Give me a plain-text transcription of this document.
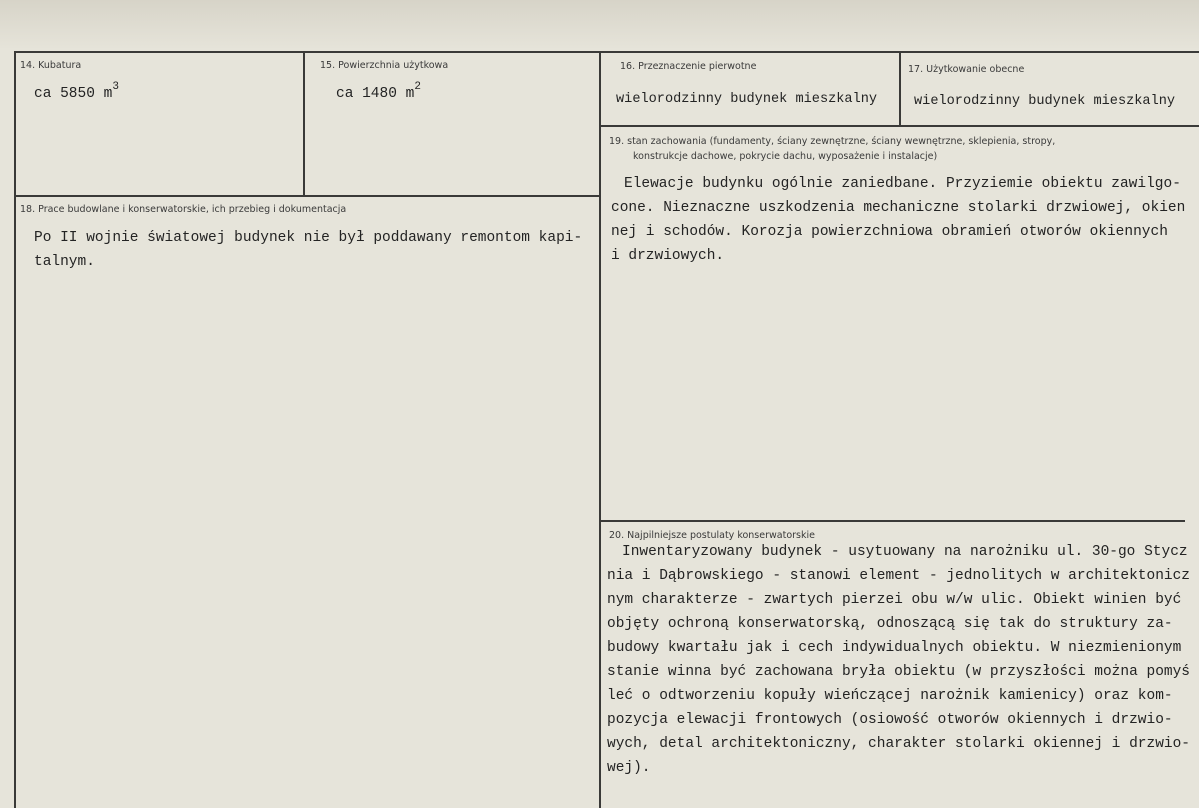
14. Kubatura
ca 5850 $m^3$
15. Powierzchnia użytkowa
ca 1480 $m^2$
16. Przeznaczenie pierwotne
wielorodzinny budynek mieszkalny
17. Użytkowanie obecne
wielorodzinny budynek mieszkalny
19. stan zachowania (fundamenty, ściany zewnętrzne, ściany wewnętrzne, sklepienia, stropy,
konstrukcje dachowe, pokrycie dachu, wyposażenie i instalacje)
Elewacje budynku ogólnie zaniedbane. Przyziemie obiektu zawilgo-
cone. Nieznaczne uszkodzenia mechaniczne stolarki drzwiowej, okien
nej i schodów. Korozja powierzchniowa obramień otworów okiennych
i drzwiowych.
18. Prace budowlane i konserwatorskie, ich przebieg i dokumentacja
Po II wojnie światowej budynek nie był poddawany remontom kapi-
talnym.
20. Najpilniejsze postulaty konserwatorskie
Inwentaryzowany budynek - usytuowany na narożniku ul. 30-go Stycz
nia i Dąbrowskiego - stanowi element - jednolitych w architektonicz
nym charakterze - zwartych pierzei obu w/w ulic. Obiekt winien być
objęty ochroną konserwatorską, odnoszącą się tak do struktury za-
budowy kwartału jak i cech indywidualnych obiektu. W niezmienionym
stanie winna być zachowana bryła obiektu (w przyszłości można pomyś
leć o odtworzeniu kopuły wieńczącej narożnik kamienicy) oraz kom-
pozycja elewacji frontowych (osiowość otworów okiennych i drzwio-
wych, detal architektoniczny, charakter stolarki okiennej i drzwio-
wej).
